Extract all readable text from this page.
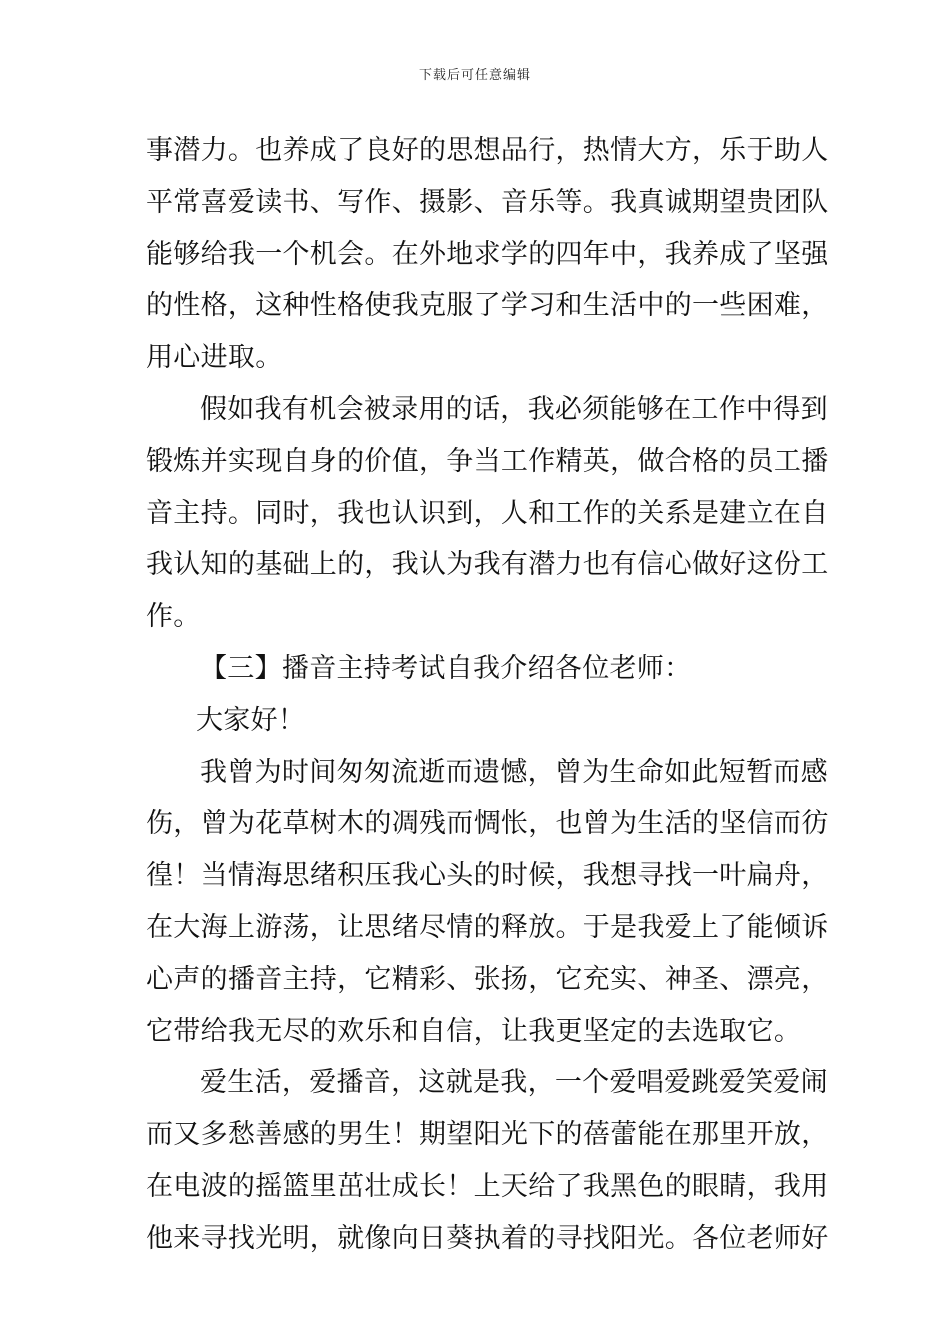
下载后可任意编辑
事潜力。也养成了良好的思想品行，热情大方，乐于助人
平常喜爱读书、写作、摄影、音乐等。我真诚期望贵团队
能够给我一个机会。在外地求学的四年中，我养成了坚强
的性格，这种性格使我克服了学习和生活中的一些困难，
用心进取。
假如我有机会被录用的话，我必须能够在工作中得到
锻炼并实现自身的价值，争当工作精英，做合格的员工播
音主持。同时，我也认识到，人和工作的关系是建立在自
我认知的基础上的，我认为我有潜力也有信心做好这份工
作。
【三】播音主持考试自我介绍各位老师：
大家好！
我曾为时间匆匆流逝而遗憾，曾为生命如此短暂而感
伤，曾为花草树木的凋残而惆怅，也曾为生活的坚信而彷
徨！当情海思绪积压我心头的时候，我想寻找一叶扁舟，
在大海上游荡，让思绪尽情的释放。于是我爱上了能倾诉
心声的播音主持，它精彩、张扬，它充实、神圣、漂亮，
它带给我无尽的欢乐和自信，让我更坚定的去选取它。
爱生活，爱播音，这就是我，一个爱唱爱跳爱笑爱闹
而又多愁善感的男生！期望阳光下的蓓蕾能在那里开放，
在电波的摇篮里茁壮成长！上天给了我黑色的眼睛，我用
他来寻找光明，就像向日葵执着的寻找阳光。各位老师好
